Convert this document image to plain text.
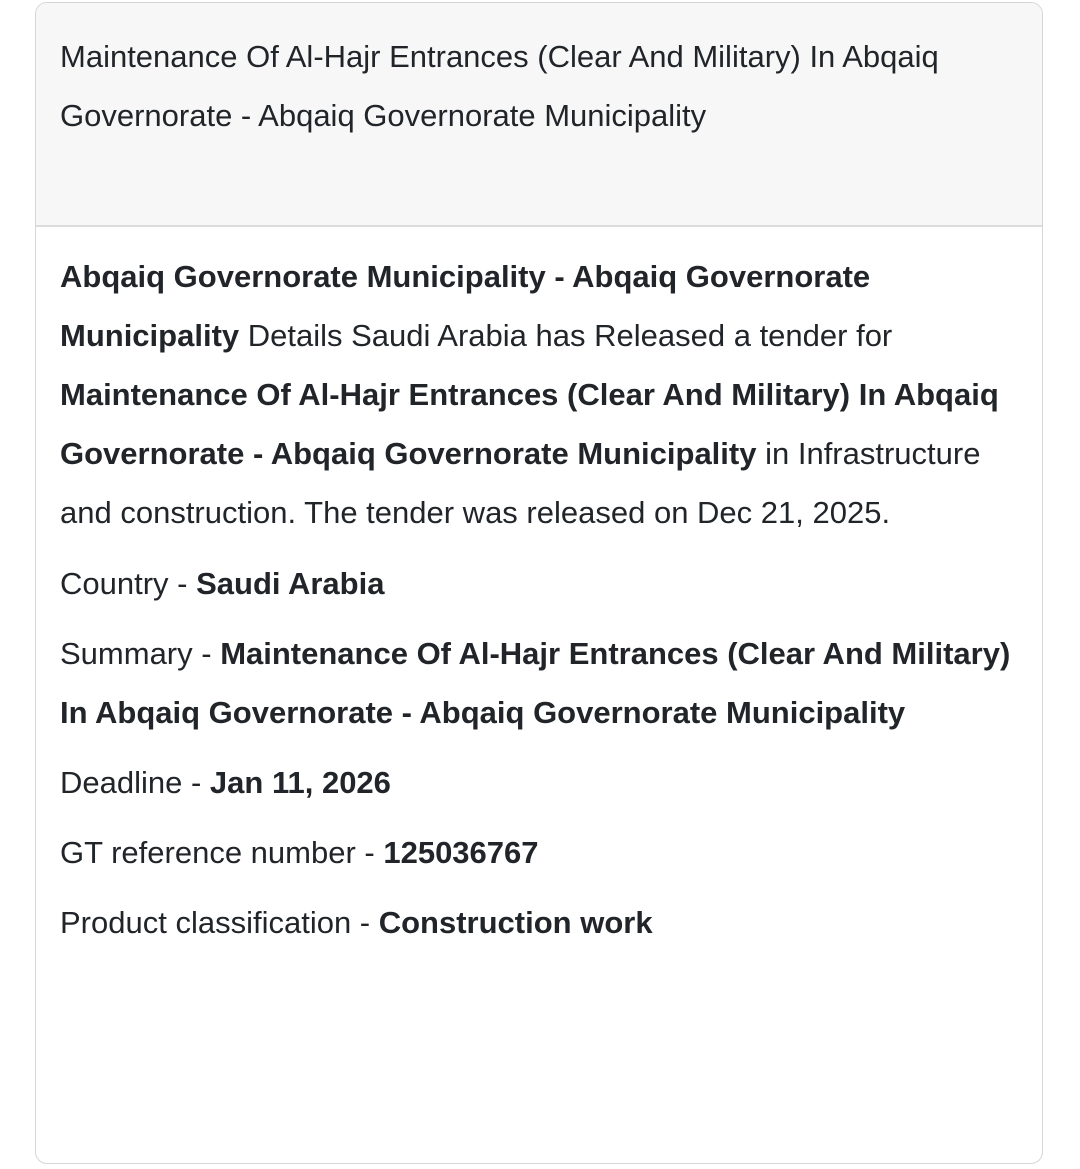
Maintenance Of Al-Hajr Entrances (Clear And Military) In Abqaiq Governorate - Abqaiq Governorate Municipality

Abqaiq Governorate Municipality - Abqaiq Governorate Municipality Details Saudi Arabia has Released a tender for Maintenance Of Al-Hajr Entrances (Clear And Military) In Abqaiq Governorate - Abqaiq Governorate Municipality in Infrastructure and construction. The tender was released on Dec 21, 2025.

Country - Saudi Arabia
Summary - Maintenance Of Al-Hajr Entrances (Clear And Military) In Abqaiq Governorate - Abqaiq Governorate Municipality
Deadline - Jan 11, 2026
GT reference number - 125036767
Product classification - Construction work
